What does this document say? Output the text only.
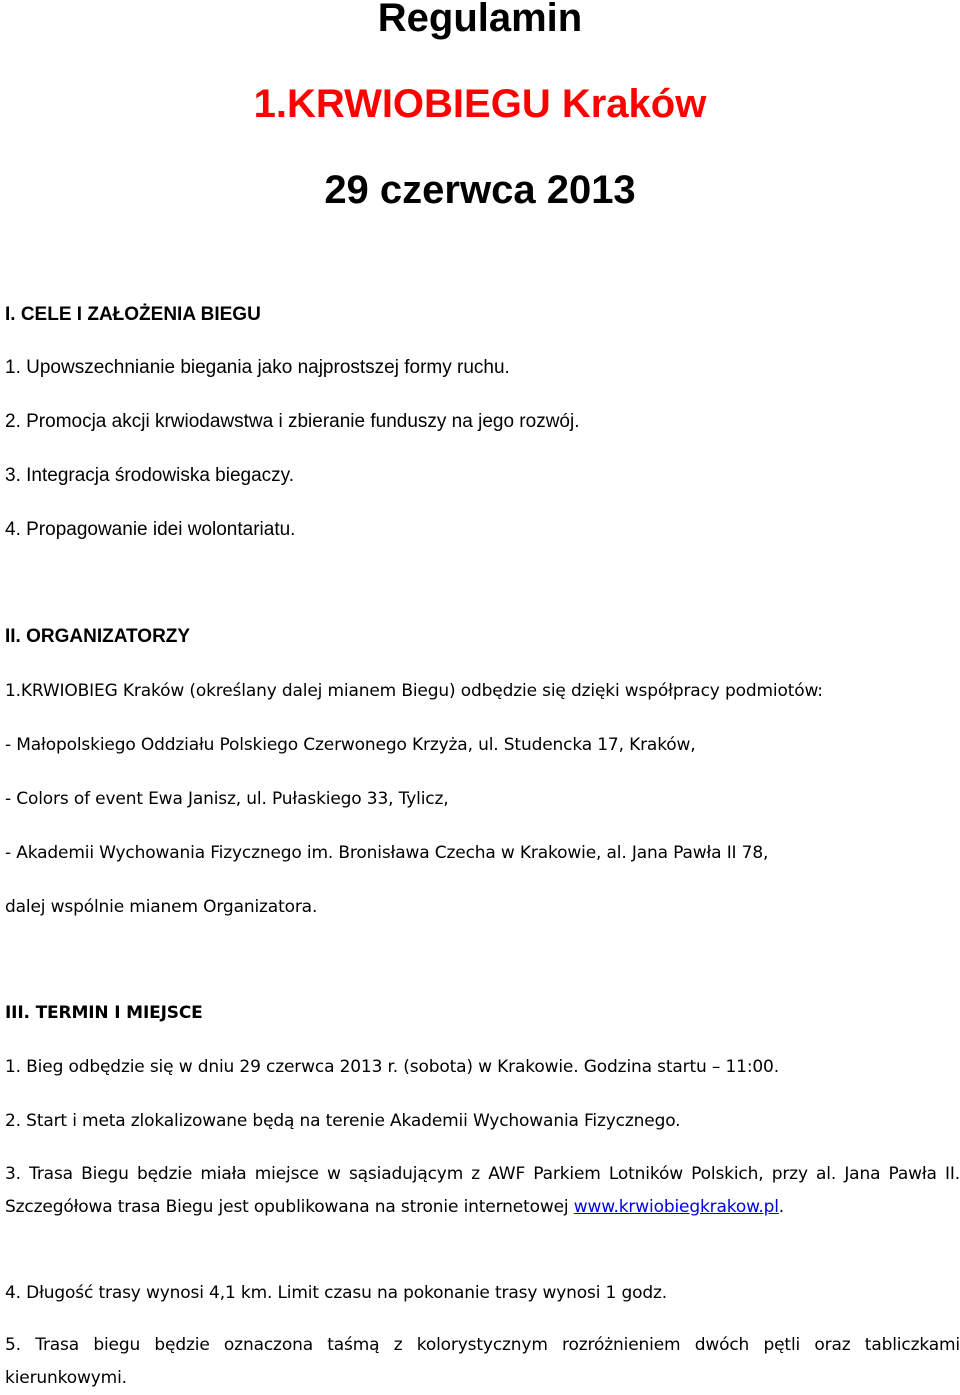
Regulamin
1.KRWIOBIEGU Kraków
29 czerwca 2013

I. CELE I ZAŁOŻENIA BIEGU

1. Upowszechnianie biegania jako najprostszej formy ruchu.

2. Promocja akcji krwiodawstwa i zbieranie funduszy na jego rozwój.

3. Integracja środowiska biegaczy.

4. Propagowanie idei wolontariatu.

II. ORGANIZATORZY

1.KRWIOBIEG Kraków (określany dalej mianem Biegu) odbędzie się dzięki współpracy podmiotów:

- Małopolskiego Oddziału Polskiego Czerwonego Krzyża, ul. Studencka 17, Kraków,

- Colors of event Ewa Janisz, ul. Pułaskiego 33, Tylicz,

- Akademii Wychowania Fizycznego im. Bronisława Czecha w Krakowie, al. Jana Pawła II 78,

dalej wspólnie mianem Organizatora.

III. TERMIN I MIEJSCE

1. Bieg odbędzie się w dniu 29 czerwca 2013 r. (sobota) w Krakowie. Godzina startu – 11:00.

2. Start i meta zlokalizowane będą na terenie Akademii Wychowania Fizycznego.

3. Trasa Biegu będzie miała miejsce w sąsiadującym z AWF Parkiem Lotników Polskich, przy al. Jana Pawła II. Szczegółowa trasa Biegu jest opublikowana na stronie internetowej www.krwiobiegkrakow.pl.

4. Długość trasy wynosi 4,1 km. Limit czasu na pokonanie trasy wynosi 1 godz.

5. Trasa biegu będzie oznaczona taśmą z kolorystycznym rozróżnieniem dwóch pętli oraz tabliczkami kierunkowymi.
